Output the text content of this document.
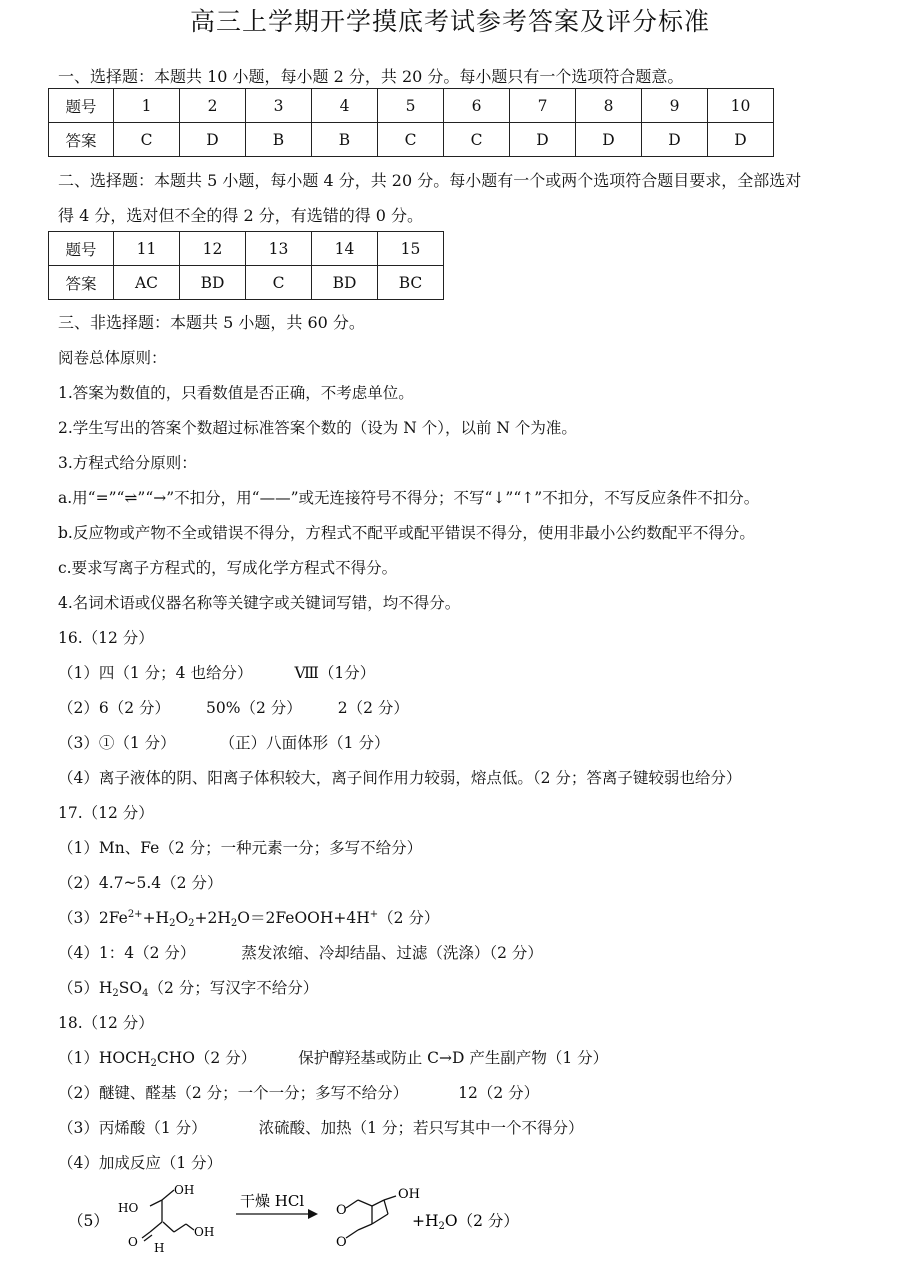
高三上学期开学摸底考试参考答案及评分标准
一、选择题：本题共 10 小题，每小题 2 分，共 20 分。每小题只有一个选项符合题意。
题号	1	2	3	4	5	6	7	8	9	10
答案	C	D	B	B	C	C	D	D	D	D
二、选择题：本题共 5 小题，每小题 4 分，共 20 分。每小题有一个或两个选项符合题目要求，全部选对
得 4 分，选对但不全的得 2 分，有选错的得 0 分。
题号	11	12	13	14	15
答案	AC	BD	C	BD	BC
三、非选择题：本题共 5 小题，共 60 分。
阅卷总体原则：
1.答案为数值的，只看数值是否正确，不考虑单位。
2.学生写出的答案个数超过标准答案个数的（设为 N 个），以前 N 个为准。
3.方程式给分原则：
a.用“=”“⇌”“→”不扣分，用“——”或无连接符号不得分；不写“↓”“↑”不扣分，不写反应条件不扣分。
b.反应物或产物不全或错误不得分，方程式不配平或配平错误不得分，使用非最小公约数配平不得分。
c.要求写离子方程式的，写成化学方程式不得分。
4.名词术语或仪器名称等关键字或关键词写错，均不得分。
16.（12 分）
（1）四（1 分；4 也给分）	Ⅷ（1分）
（2）6（2 分） 50%（2 分） 2（2 分）
（3）①（1 分）	（正）八面体形（1 分）
（4）离子液体的阴、阳离子体积较大，离子间作用力较弱，熔点低。（2 分；答离子键较弱也给分）
17.（12 分）
（1）Mn、Fe（2 分；一种元素一分；多写不给分）
（2）4.7~5.4（2 分）
$(3)2Fe^{2+}+H_2O_2+2H_2O=2FeOOH+4H^+(2$ 分）
（4）1：4（2 分）	蒸发浓缩、冷却结晶、过滤（洗涤）（2 分）
$(5)H_2SO_4(2$ 分；写汉字不给分）
18.（12 分）
$(1)HOCH_2CHO(2$ 分）	保护醇羟基或防止 C→D 产生副产物（1 分）
（2）醚键、醛基（2 分；一个一分；多写不给分）	12（2 分）
（3）丙烯酸（1 分）	浓硫酸、加热（1 分；若只写其中一个不得分）
（4）加成反应（1 分）
（5）
HO
OH
OH
O H
干燥 HCl	OH
O
O
+H2O（2 分）
